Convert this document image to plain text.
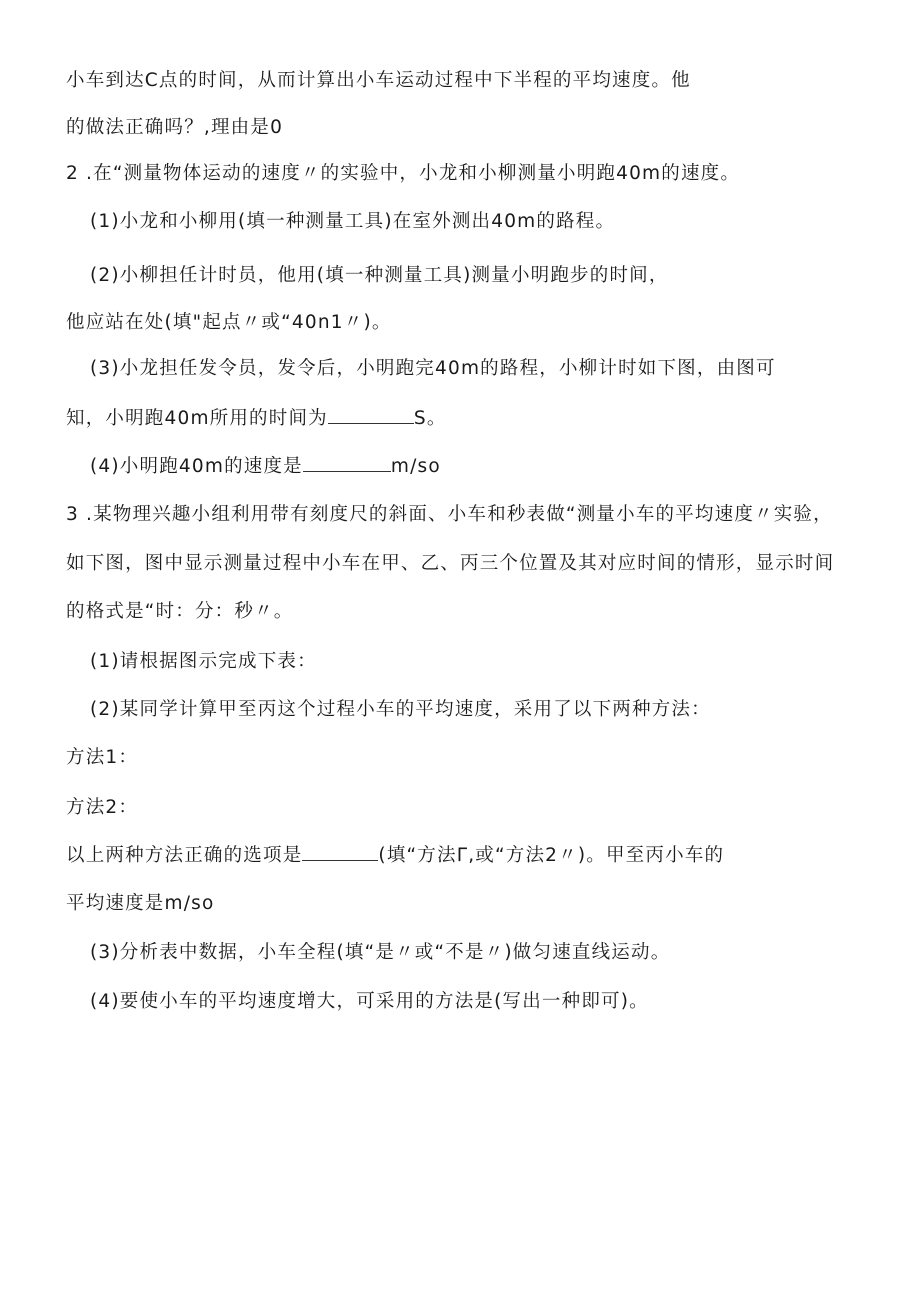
小车到达C点的时间，从而计算出小车运动过程中下半程的平均速度。他
的做法正确吗？,理由是0
2 .在“测量物体运动的速度〃的实验中，小龙和小柳测量小明跑40m的速度。
(1)小龙和小柳用(填一种测量工具)在室外测出40m的路程。
(2)小柳担任计时员，他用(填一种测量工具)测量小明跑步的时间，
他应站在处(填"起点〃或“40n1〃)。
(3)小龙担任发令员，发令后，小明跑完40m的路程，小柳计时如下图，由图可
知，小明跑40m所用的时间为	S。
(4)小明跑40m的速度是	m/so
3 .某物理兴趣小组利用带有刻度尺的斜面、小车和秒表做“测量小车的平均速度〃实验，
如下图，图中显示测量过程中小车在甲、乙、丙三个位置及其对应时间的情形，显示时间
的格式是“时：分：秒〃。
(1)请根据图示完成下表：
(2)某同学计算甲至丙这个过程小车的平均速度，采用了以下两种方法：
方法1：
方法2：
以上两种方法正确的选项是	(填“方法Γ,或“方法2〃)。甲至丙小车的
平均速度是m/so
(3)分析表中数据，小车全程(填“是〃或“不是〃)做匀速直线运动。
(4)要使小车的平均速度增大，可采用的方法是(写出一种即可)。
